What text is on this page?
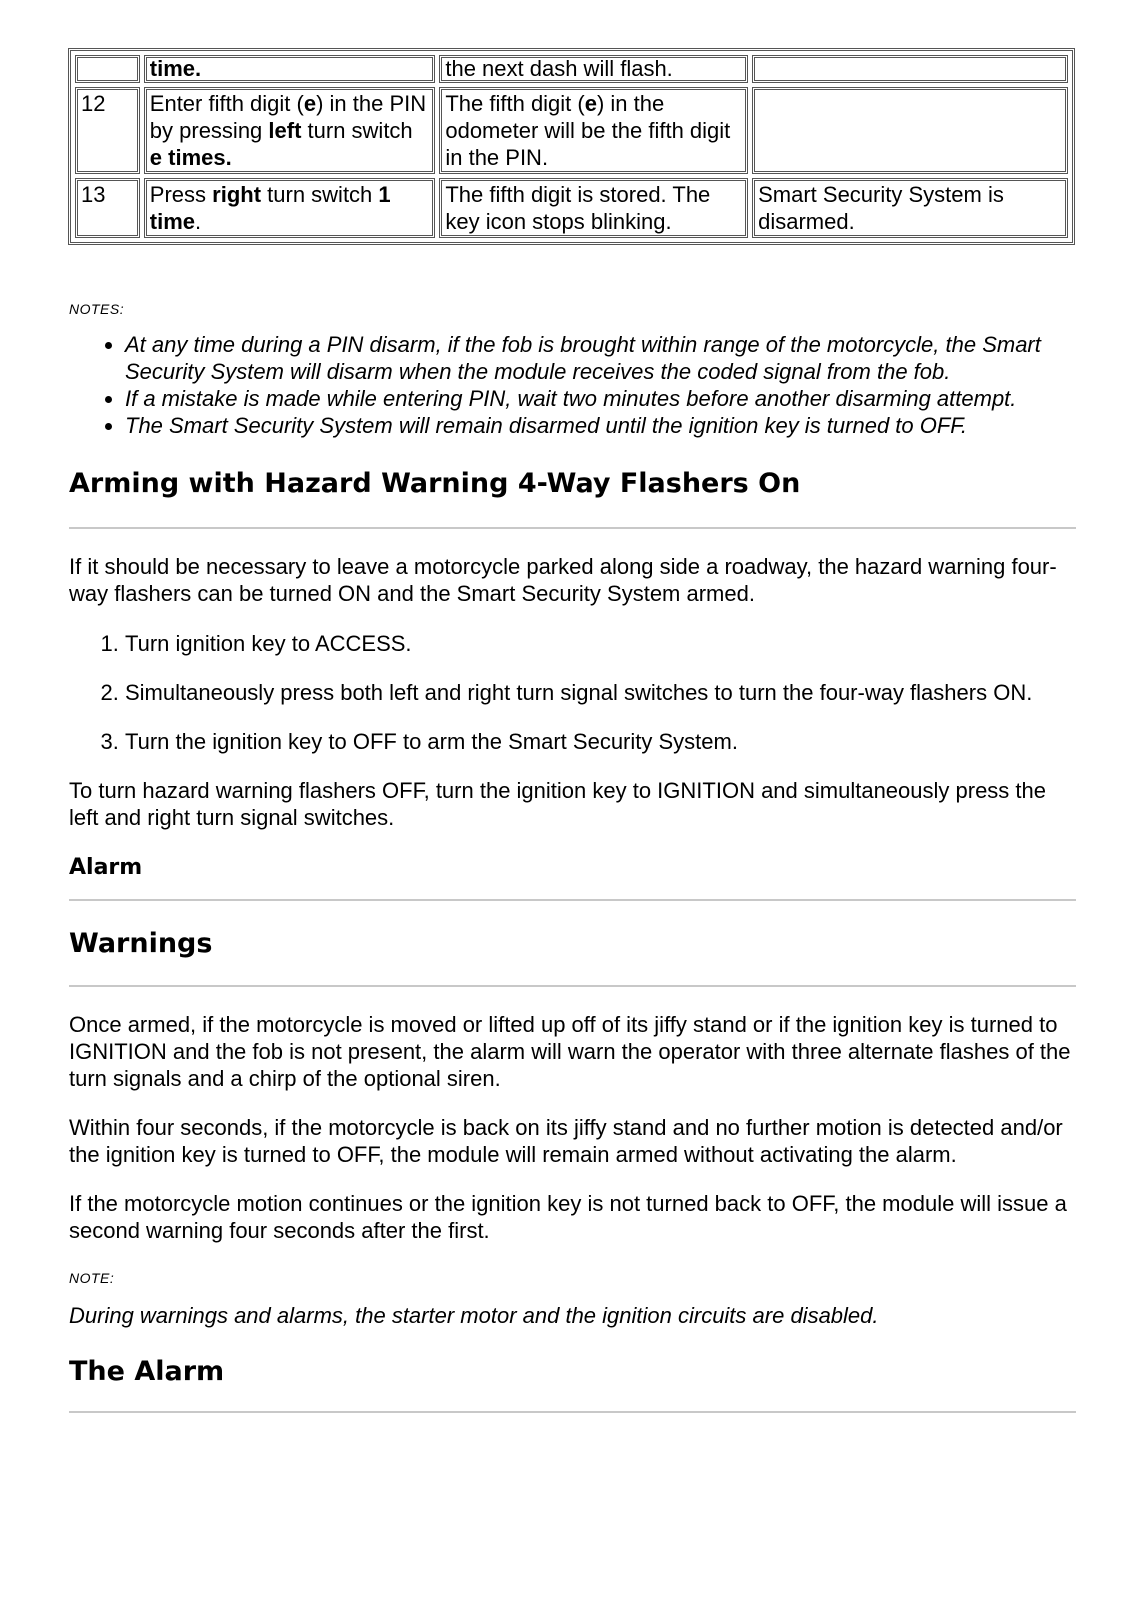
	time.	the next dash will flash.	
12	Enter fifth digit (e) in the PIN by pressing left turn switch e times.	The fifth digit (e) in the odometer will be the fifth digit in the PIN.	
13	Press right turn switch 1 time.	The fifth digit is stored. The key icon stops blinking.	Smart Security System is disarmed.
NOTES:
• At any time during a PIN disarm, if the fob is brought within range of the motorcycle, the Smart Security System will disarm when the module receives the coded signal from the fob.
• If a mistake is made while entering PIN, wait two minutes before another disarming attempt.
• The Smart Security System will remain disarmed until the ignition key is turned to OFF.
Arming with Hazard Warning 4-Way Flashers On

If it should be necessary to leave a motorcycle parked along side a roadway, the hazard warning four-way flashers can be turned ON and the Smart Security System armed.

1. Turn ignition key to ACCESS.
2. Simultaneously press both left and right turn signal switches to turn the four-way flashers ON.
3. Turn the ignition key to OFF to arm the Smart Security System.

To turn hazard warning flashers OFF, turn the ignition key to IGNITION and simultaneously press the left and right turn signal switches.

Alarm
Warnings

Once armed, if the motorcycle is moved or lifted up off of its jiffy stand or if the ignition key is turned to IGNITION and the fob is not present, the alarm will warn the operator with three alternate flashes of the turn signals and a chirp of the optional siren.

Within four seconds, if the motorcycle is back on its jiffy stand and no further motion is detected and/or the ignition key is turned to OFF, the module will remain armed without activating the alarm.

If the motorcycle motion continues or the ignition key is not turned back to OFF, the module will issue a second warning four seconds after the first.

NOTE:

During warnings and alarms, the starter motor and the ignition circuits are disabled.

The Alarm
